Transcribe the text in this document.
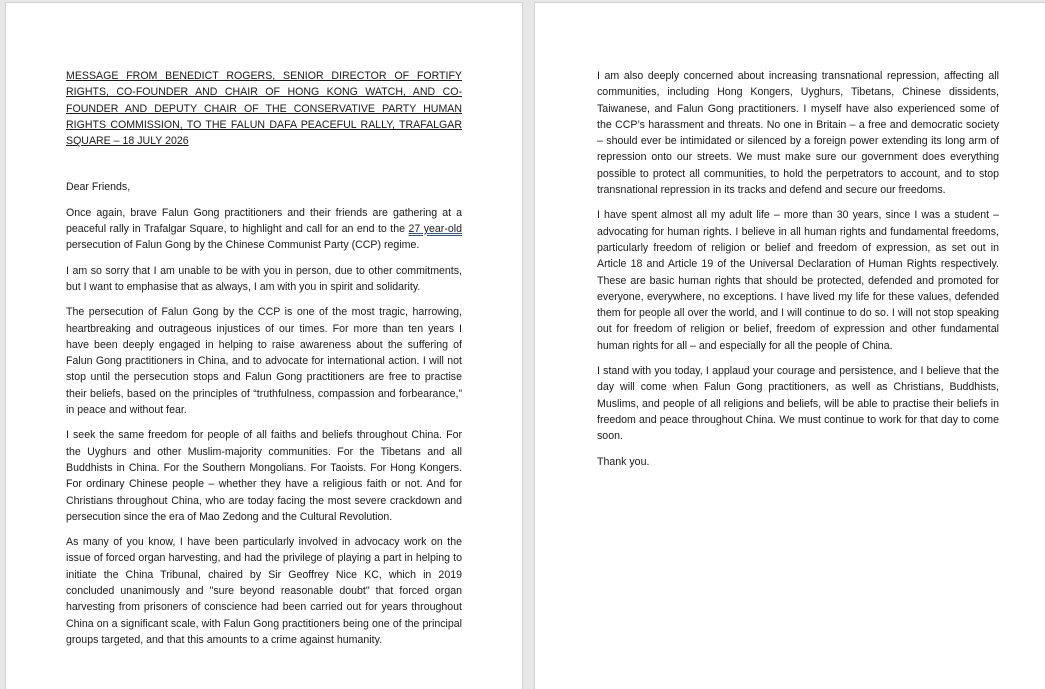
MESSAGE FROM BENEDICT ROGERS, SENIOR DIRECTOR OF FORTIFY RIGHTS, CO-FOUNDER AND CHAIR OF HONG KONG WATCH, AND CO-FOUNDER AND DEPUTY CHAIR OF THE CONSERVATIVE PARTY HUMAN RIGHTS COMMISSION, TO THE FALUN DAFA PEACEFUL RALLY, TRAFALGAR SQUARE – 18 JULY 2026

Dear Friends,

Once again, brave Falun Gong practitioners and their friends are gathering at a peaceful rally in Trafalgar Square, to highlight and call for an end to the 27 year-old persecution of Falun Gong by the Chinese Communist Party (CCP) regime.

I am so sorry that I am unable to be with you in person, due to other commitments, but I want to emphasise that as always, I am with you in spirit and solidarity.

The persecution of Falun Gong by the CCP is one of the most tragic, harrowing, heartbreaking and outrageous injustices of our times. For more than ten years I have been deeply engaged in helping to raise awareness about the suffering of Falun Gong practitioners in China, and to advocate for international action. I will not stop until the persecution stops and Falun Gong practitioners are free to practise their beliefs, based on the principles of “truthfulness, compassion and forbearance,” in peace and without fear.

I seek the same freedom for people of all faiths and beliefs throughout China. For the Uyghurs and other Muslim-majority communities. For the Tibetans and all Buddhists in China. For the Southern Mongolians. For Taoists. For Hong Kongers. For ordinary Chinese people – whether they have a religious faith or not. And for Christians throughout China, who are today facing the most severe crackdown and persecution since the era of Mao Zedong and the Cultural Revolution.

As many of you know, I have been particularly involved in advocacy work on the issue of forced organ harvesting, and had the privilege of playing a part in helping to initiate the China Tribunal, chaired by Sir Geoffrey Nice KC, which in 2019 concluded unanimously and "sure beyond reasonable doubt" that forced organ harvesting from prisoners of conscience had been carried out for years throughout China on a significant scale, with Falun Gong practitioners being one of the principal groups targeted, and that this amounts to a crime against humanity.

I am also deeply concerned about increasing transnational repression, affecting all communities, including Hong Kongers, Uyghurs, Tibetans, Chinese dissidents, Taiwanese, and Falun Gong practitioners. I myself have also experienced some of the CCP’s harassment and threats. No one in Britain – a free and democratic society – should ever be intimidated or silenced by a foreign power extending its long arm of repression onto our streets. We must make sure our government does everything possible to protect all communities, to hold the perpetrators to account, and to stop transnational repression in its tracks and defend and secure our freedoms.

I have spent almost all my adult life – more than 30 years, since I was a student – advocating for human rights. I believe in all human rights and fundamental freedoms, particularly freedom of religion or belief and freedom of expression, as set out in Article 18 and Article 19 of the Universal Declaration of Human Rights respectively. These are basic human rights that should be protected, defended and promoted for everyone, everywhere, no exceptions. I have lived my life for these values, defended them for people all over the world, and I will continue to do so. I will not stop speaking out for freedom of religion or belief, freedom of expression and other fundamental human rights for all – and especially for all the people of China.

I stand with you today, I applaud your courage and persistence, and I believe that the day will come when Falun Gong practitioners, as well as Christians, Buddhists, Muslims, and people of all religions and beliefs, will be able to practise their beliefs in freedom and peace throughout China. We must continue to work for that day to come soon.

Thank you.
